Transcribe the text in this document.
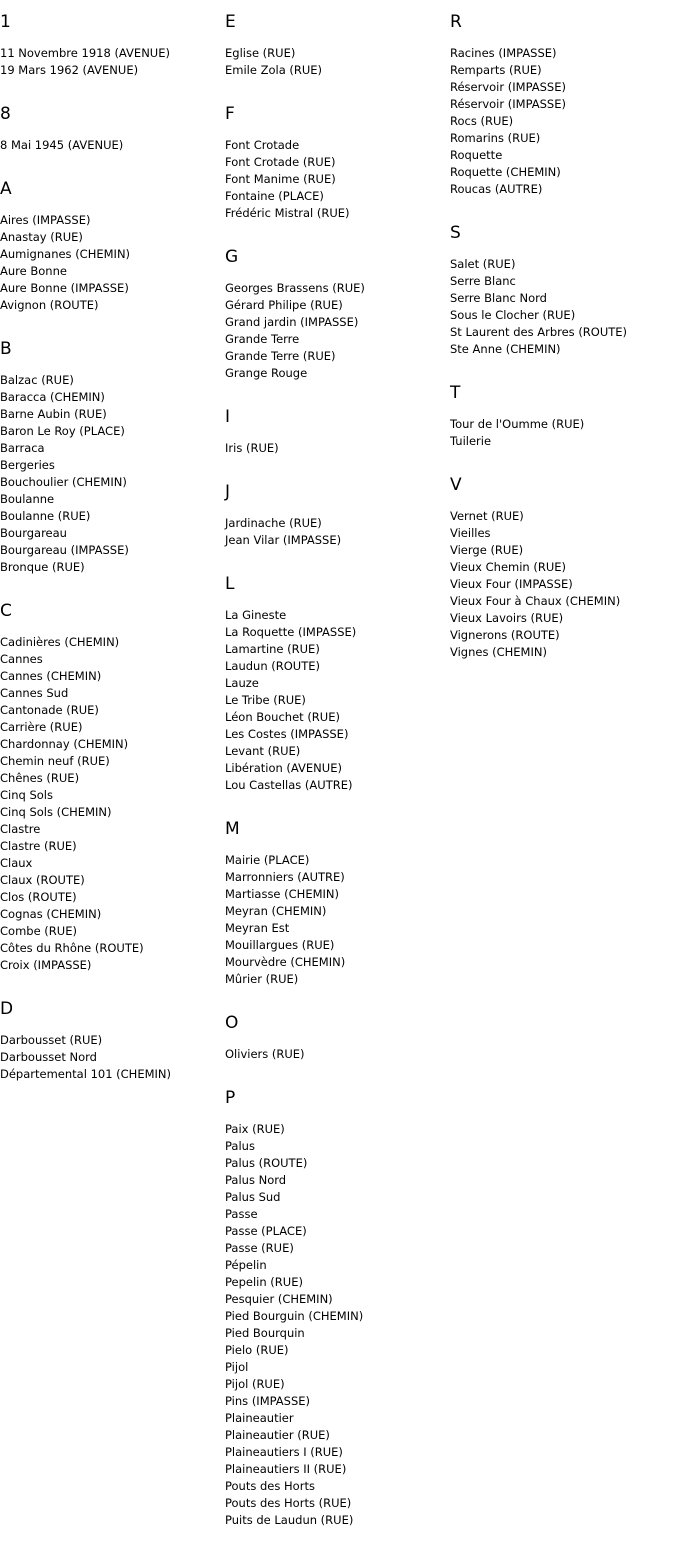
1
11 Novembre 1918 (AVENUE)
19 Mars 1962 (AVENUE)
8
8 Mai 1945 (AVENUE)
A
Aires (IMPASSE)
Anastay (RUE)
Aumignanes (CHEMIN)
Aure Bonne
Aure Bonne (IMPASSE)
Avignon (ROUTE)
B
Balzac (RUE)
Baracca (CHEMIN)
Barne Aubin (RUE)
Baron Le Roy (PLACE)
Barraca
Bergeries
Bouchoulier (CHEMIN)
Boulanne
Boulanne (RUE)
Bourgareau
Bourgareau (IMPASSE)
Bronque (RUE)
C
Cadinières (CHEMIN)
Cannes
Cannes (CHEMIN)
Cannes Sud
Cantonade (RUE)
Carrière (RUE)
Chardonnay (CHEMIN)
Chemin neuf (RUE)
Chênes (RUE)
Cinq Sols
Cinq Sols (CHEMIN)
Clastre
Clastre (RUE)
Claux
Claux (ROUTE)
Clos (ROUTE)
Cognas (CHEMIN)
Combe (RUE)
Côtes du Rhône (ROUTE)
Croix (IMPASSE)
D
Darbousset (RUE)
Darbousset Nord
Départemental 101 (CHEMIN)
E
Eglise (RUE)
Emile Zola (RUE)
F
Font Crotade
Font Crotade (RUE)
Font Manime (RUE)
Fontaine (PLACE)
Frédéric Mistral (RUE)
G
Georges Brassens (RUE)
Gérard Philipe (RUE)
Grand jardin (IMPASSE)
Grande Terre
Grande Terre (RUE)
Grange Rouge
I
Iris (RUE)
J
Jardinache (RUE)
Jean Vilar (IMPASSE)
L
La Gineste
La Roquette (IMPASSE)
Lamartine (RUE)
Laudun (ROUTE)
Lauze
Le Tribe (RUE)
Léon Bouchet (RUE)
Les Costes (IMPASSE)
Levant (RUE)
Libération (AVENUE)
Lou Castellas (AUTRE)
M
Mairie (PLACE)
Marronniers (AUTRE)
Martiasse (CHEMIN)
Meyran (CHEMIN)
Meyran Est
Mouillargues (RUE)
Mourvèdre (CHEMIN)
Mûrier (RUE)
O
Oliviers (RUE)
P
Paix (RUE)
Palus
Palus (ROUTE)
Palus Nord
Palus Sud
Passe
Passe (PLACE)
Passe (RUE)
Pépelin
Pepelin (RUE)
Pesquier (CHEMIN)
Pied Bourguin (CHEMIN)
Pied Bourquin
Pielo (RUE)
Pijol
Pijol (RUE)
Pins (IMPASSE)
Plaineautier
Plaineautier (RUE)
Plaineautiers I (RUE)
Plaineautiers II (RUE)
Pouts des Horts
Pouts des Horts (RUE)
Puits de Laudun (RUE)
R
Racines (IMPASSE)
Remparts (RUE)
Réservoir (IMPASSE)
Réservoir (IMPASSE)
Rocs (RUE)
Romarins (RUE)
Roquette
Roquette (CHEMIN)
Roucas (AUTRE)
S
Salet (RUE)
Serre Blanc
Serre Blanc Nord
Sous le Clocher (RUE)
St Laurent des Arbres (ROUTE)
Ste Anne (CHEMIN)
T
Tour de l'Oumme (RUE)
Tuilerie
V
Vernet (RUE)
Vieilles
Vierge (RUE)
Vieux Chemin (RUE)
Vieux Four (IMPASSE)
Vieux Four à Chaux (CHEMIN)
Vieux Lavoirs (RUE)
Vignerons (ROUTE)
Vignes (CHEMIN)
